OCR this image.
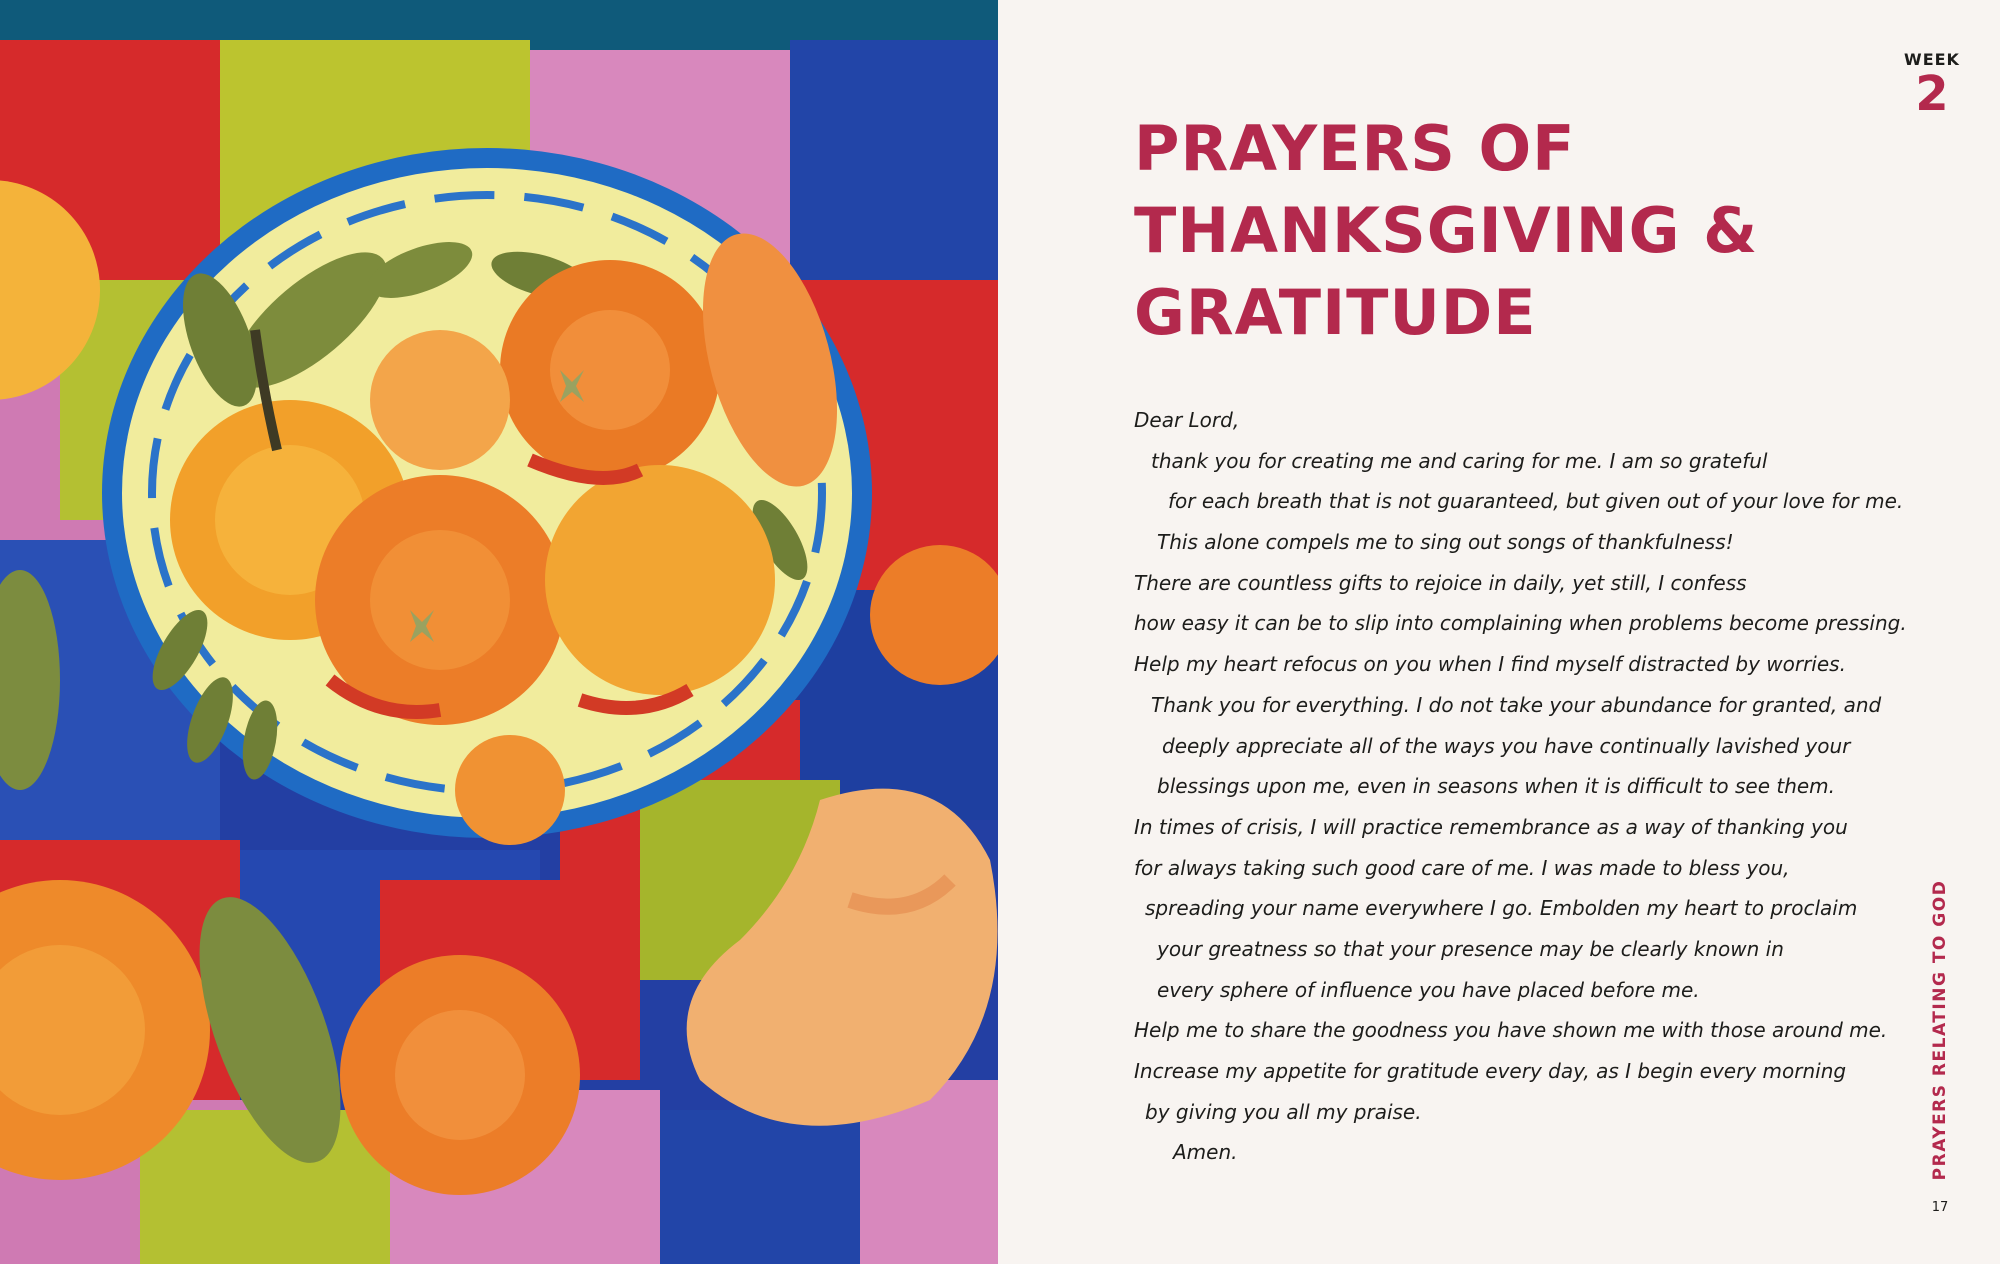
WEEK
2
PRAYERS OF
THANKSGIVING &
GRATITUDE
Dear Lord,
thank you for creating me and caring for me. I am so grateful
for each breath that is not guaranteed, but given out of your love for me.
This alone compels me to sing out songs of thankfulness!
There are countless gifts to rejoice in daily, yet still, I confess
how easy it can be to slip into complaining when problems become pressing.
Help my heart refocus on you when I find myself distracted by worries.
Thank you for everything. I do not take your abundance for granted, and
deeply appreciate all of the ways you have continually lavished your
blessings upon me, even in seasons when it is difficult to see them.
In times of crisis, I will practice remembrance as a way of thanking you
for always taking such good care of me. I was made to bless you,
spreading your name everywhere I go. Embolden my heart to proclaim
your greatness so that your presence may be clearly known in
every sphere of influence you have placed before me.
Help me to share the goodness you have shown me with those around me.
Increase my appetite for gratitude every day, as I begin every morning
by giving you all my praise.
Amen.	PRAYERS RELATING TO GOD
17
